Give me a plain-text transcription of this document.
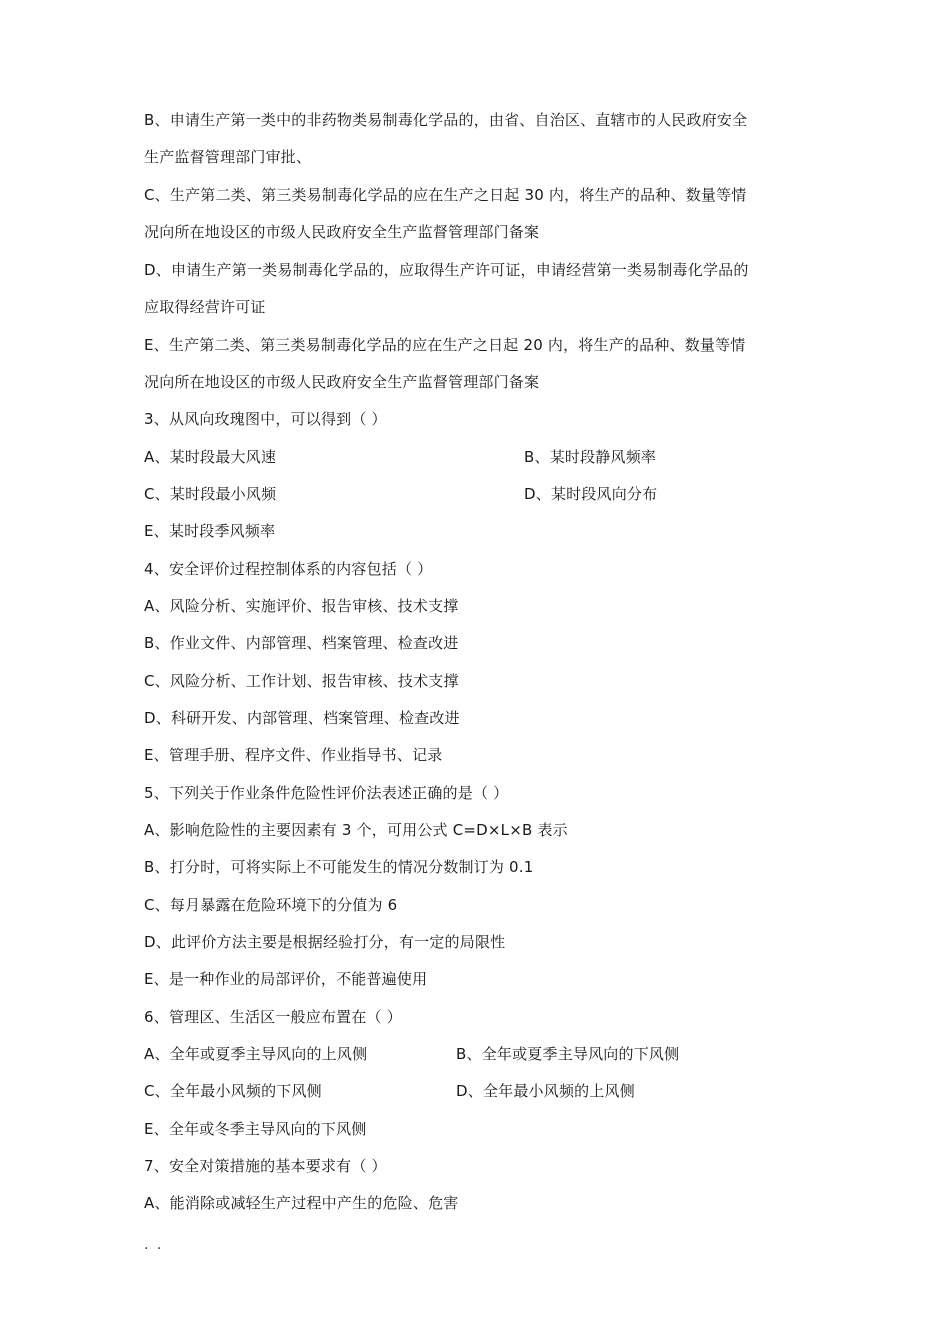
B、申请生产第一类中的非药物类易制毒化学品的，由省、自治区、直辖市的人民政府安全
生产监督管理部门审批、
C、生产第二类、第三类易制毒化学品的应在生产之日起 30 内，将生产的品种、数量等情
况向所在地设区的市级人民政府安全生产监督管理部门备案
D、申请生产第一类易制毒化学品的，应取得生产许可证，申请经营第一类易制毒化学品的
应取得经营许可证
E、生产第二类、第三类易制毒化学品的应在生产之日起 20 内，将生产的品种、数量等情
况向所在地设区的市级人民政府安全生产监督管理部门备案
3、从风向玫瑰图中，可以得到（ ）
A、某时段最大风速	B、某时段静风频率
C、某时段最小风频	D、某时段风向分布
E、某时段季风频率
4、安全评价过程控制体系的内容包括（ ）
A、风险分析、实施评价、报告审核、技术支撑
B、作业文件、内部管理、档案管理、检查改进
C、风险分析、工作计划、报告审核、技术支撑
D、科研开发、内部管理、档案管理、检查改进
E、管理手册、程序文件、作业指导书、记录
5、下列关于作业条件危险性评价法表述正确的是（ ）
A、影响危险性的主要因素有 3 个，可用公式 C=D×L×B 表示
B、打分时，可将实际上不可能发生的情况分数制订为 0.1
C、每月暴露在危险环境下的分值为 6
D、此评价方法主要是根据经验打分，有一定的局限性
E、是一种作业的局部评价，不能普遍使用
6、管理区、生活区一般应布置在（ ）
A、全年或夏季主导风向的上风侧	B、全年或夏季主导风向的下风侧
C、全年最小风频的下风侧	D、全年最小风频的上风侧
E、全年或冬季主导风向的下风侧
7、安全对策措施的基本要求有（ ）
A、能消除或减轻生产过程中产生的危险、危害
. .
